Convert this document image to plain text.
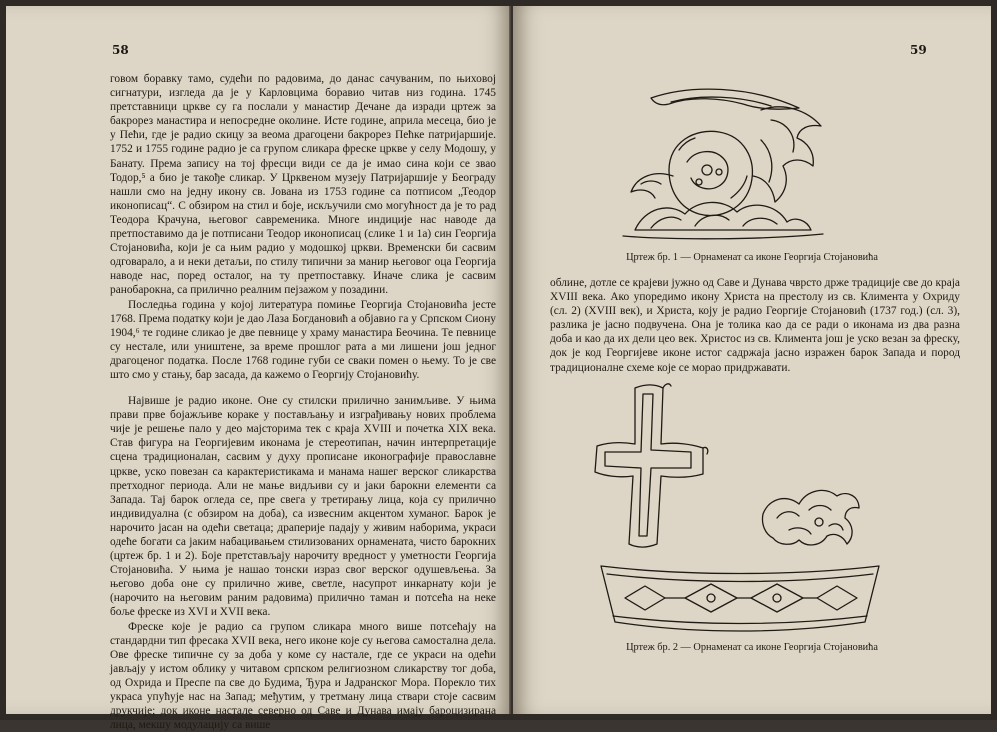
58

говом боравку тамо, судећи по радовима, до данас сачуваним, по њиховој сигнатури, изгледа да је у Карловцима боравио читав низ година. 1745 претставници цркве су га послали у манастир Дечане да изради цртеж за бакрорез манастира и непосредне околине. Исте године, априла месеца, био је у Пећи, где је радио скицу за веома драгоцени бакрорез Пећке патријаршије. 1752 и 1755 године радио је са групом сликара фреске цркве у селу Модошу, у Банату. Према запису на тој фресци види се да је имао сина који се звао Тодор,⁵ а био је такође сликар. У Црквеном музеју Патријаршије у Београду нашли смо на једну икону св. Јована из 1753 године са потписом „Теодор иконописац“. С обзиром на стил и боје, искључили смо могућност да је то рад Теодора Крачуна, његовог савременика. Многе индиције нас наводе да претпоставимо да је потписани Теодор иконописац (слике 1 и 1а) син Георгија Стојановића, који је са њим радио у модошкој цркви. Временски би сасвим одговарало, а и неки детаљи, по стилу типични за манир његовог оца Георгија наводе нас, поред осталог, на ту претпоставку. Иначе слика је сасвим ранобарокна, са прилично реалним пејзажом у позадини.

Последња година у којој литература помиње Георгија Стојановића јесте 1768. Према податку који је дао Лаза Богдановић а објавио га у Српском Сиону 1904,⁶ те године сликао је две певнице у храму манастира Беочина. Те певнице су нестале, или уништене, за време прошлог рата а ми лишени још једног драгоценог податка. После 1768 године губи се сваки помен о њему. То је све што смо у стању, бар засада, да кажемо о Георгију Стојановићу.

Највише је радио иконе. Оне су стилски прилично занимљиве. У њима прави прве бојажљиве кораке у постављању и изграђивању нових проблема чије је решење пало у део мајсторима тек с краја XVIII и почетка XIX века. Став фигура на Георгијевим иконама је стереотипан, начин интерпретације сцена традиционалан, сасвим у духу прописане иконографије православне цркве, уско повезан са карактеристикама и манама нашег верског сликарства претходног периода. Али не мање видљиви су и јаки барокни елементи са Запада. Тај барок огледа се, пре свега у третирању лица, која су прилично индивидуална (с обзиром на доба), са извесним акцентом хуманог. Барок је нарочито јасан на одећи светаца; драперије падају у живим наборима, украси одеће богати са јаким набацивањем стилизованих орнамената, чисто барокних (цртеж бр. 1 и 2). Боје претстављају нарочиту вредност у уметности Георгија Стојановића. У њима је нашао тонски израз свог верског одушевљења. За његово доба оне су прилично живе, светле, насупрот инкарнату који је (нарочито на његовим раним радовима) прилично таман и потсећа на неке боље фреске из XVI и XVII века.

Фреске које је радио са групом сликара много више потсећају на стандардни тип фресака XVII века, него иконе које су његова самостална дела. Ове фреске типичне су за доба у коме су настале, где се украси на одећи јављају у истом облику у читавом српском религиозном сликарству тог доба, од Охрида и Преспе па све до Будима, Ђура и Јадранског Мора. Порекло тих украса упућује нас на Запад; међутим, у третману лица ствари стоје сасвим друкчије; док иконе настале северно од Саве и Дунава имају бароцизирана лица, мекшу модулацију са више

59
Цртеж бр. 1 — Орнаменат са иконе Георгија Стојановића

облине, дотле се крајеви јужно од Саве и Дунава чврсто држе традиције све до краја XVIII века. Ако упоредимо икону Христа на престолу из св. Климента у Охриду (сл. 2) (XVIII век), и Христа, коју је радио Георгије Стојановић (1737 год.) (сл. 3), разлика је јасно подвучена. Она је толика као да се ради о иконама из два разна доба и као да их дели цео век. Христос из св. Климента још је уско везан за фреску, док је код Георгијеве иконе истог садржаја јасно изражен барок Запада и пород традиционалне схеме које се морао придржавати.

Цртеж бр. 2 — Орнаменат са иконе Георгија Стојановића
